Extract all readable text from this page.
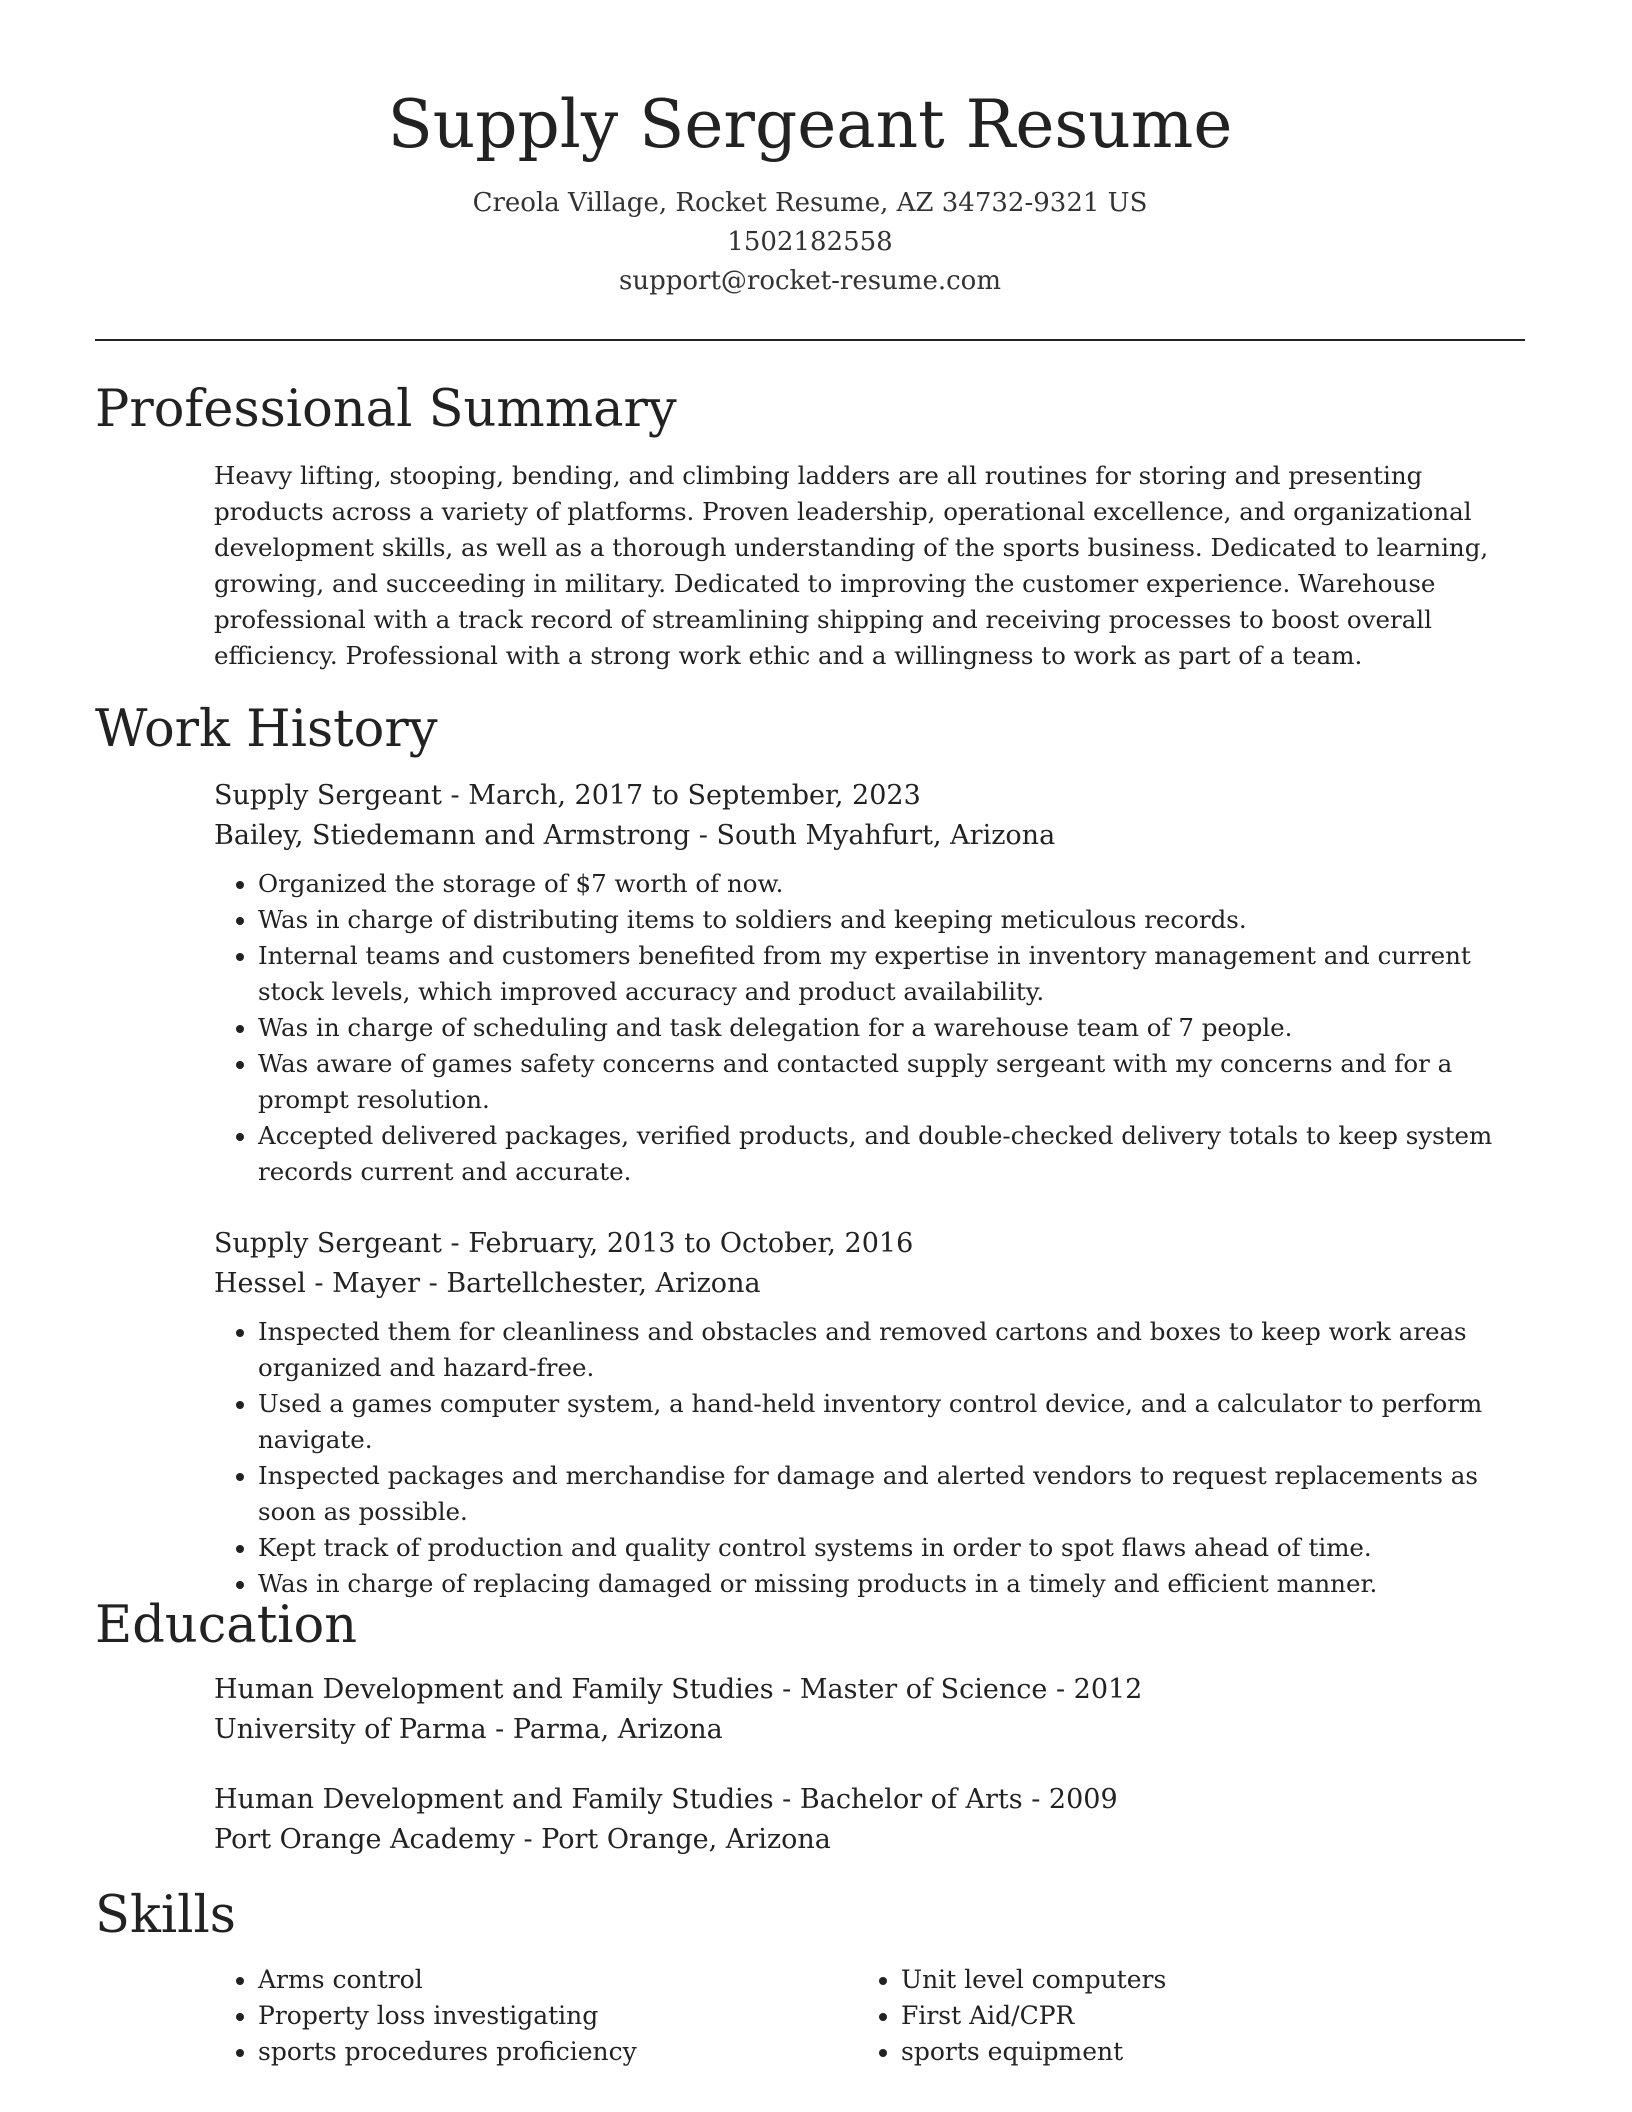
Supply Sergeant Resume
Creola Village, Rocket Resume, AZ 34732-9321 US
1502182558
support@rocket-resume.com
Professional Summary

Heavy lifting, stooping, bending, and climbing ladders are all routines for storing and presenting products across a variety of platforms. Proven leadership, operational excellence, and organizational development skills, as well as a thorough understanding of the sports business. Dedicated to learning, growing, and succeeding in military. Dedicated to improving the customer experience. Warehouse professional with a track record of streamlining shipping and receiving processes to boost overall efficiency. Professional with a strong work ethic and a willingness to work as part of a team.

Work History
Supply Sergeant - March, 2017 to September, 2023
Bailey, Stiedemann and Armstrong - South Myahfurt, Arizona
• Organized the storage of $7 worth of now.
• Was in charge of distributing items to soldiers and keeping meticulous records.
• Internal teams and customers benefited from my expertise in inventory management and current stock levels, which improved accuracy and product availability.
• Was in charge of scheduling and task delegation for a warehouse team of 7 people.
• Was aware of games safety concerns and contacted supply sergeant with my concerns and for a prompt resolution.
• Accepted delivered packages, verified products, and double-checked delivery totals to keep system records current and accurate.
Supply Sergeant - February, 2013 to October, 2016
Hessel - Mayer - Bartellchester, Arizona
• Inspected them for cleanliness and obstacles and removed cartons and boxes to keep work areas organized and hazard-free.
• Used a games computer system, a hand-held inventory control device, and a calculator to perform navigate.
• Inspected packages and merchandise for damage and alerted vendors to request replacements as soon as possible.
• Kept track of production and quality control systems in order to spot flaws ahead of time.
• Was in charge of replacing damaged or missing products in a timely and efficient manner.
Education
Human Development and Family Studies - Master of Science - 2012
University of Parma - Parma, Arizona
Human Development and Family Studies - Bachelor of Arts - 2009
Port Orange Academy - Port Orange, Arizona
Skills
• Arms control
• Property loss investigating
• sports procedures proficiency
• Unit level computers
• First Aid/CPR
• sports equipment
